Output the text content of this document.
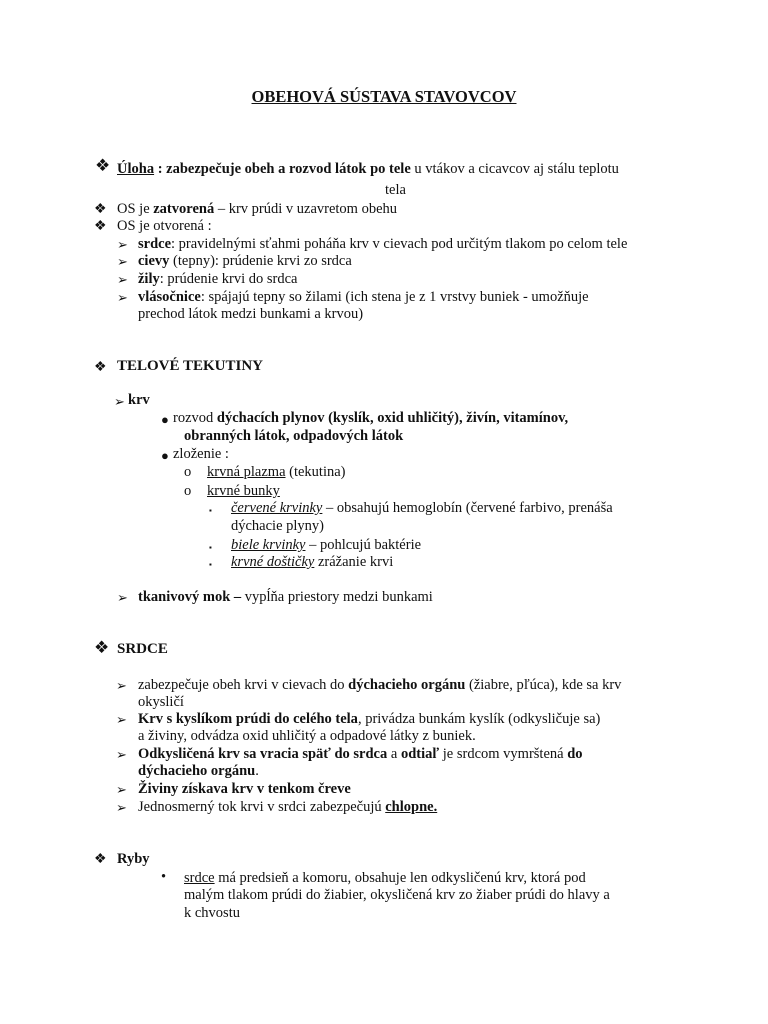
OBEHOVÁ SÚSTAVA STAVOVCOV
❖ Úloha : zabezpečuje obeh a rozvod látok po tele u vtákov a cicavcov aj stálu teplotu
tela
❖ OS je zatvorená – krv prúdi v uzavretom obehu
❖ OS je otvorená :
➢ srdce: pravidelnými sťahmi poháňa krv v cievach pod určitým tlakom po celom tele
➢ cievy (tepny): prúdenie krvi zo srdca
➢ žily: prúdenie krvi do srdca
➢ vlásočnice: spájajú tepny so žilami (ich stena je z 1 vrstvy buniek - umožňuje
prechod látok medzi bunkami a krvou)
❖ TELOVÉ TEKUTINY
➢ krv
● rozvod dýchacích plynov (kyslík, oxid uhličitý), živín, vitamínov,
obranných látok, odpadových látok
● zloženie :
o krvná plazma (tekutina)
o krvné bunky
▪ červené krvinky – obsahujú hemoglobín (červené farbivo, prenáša
dýchacie plyny)
▪ biele krvinky – pohlcujú baktérie
▪ krvné doštičky zrážanie krvi
➢ tkanivový mok – vypĺňa priestory medzi bunkami
❖ SRDCE
➢ zabezpečuje obeh krvi v cievach do dýchacieho orgánu (žiabre, pľúca), kde sa krv
okysličí
➢ Krv s kyslíkom prúdi do celého tela, privádza bunkám kyslík (odkysličuje sa)
a živiny, odvádza oxid uhličitý a odpadové látky z buniek.
➢ Odkysličená krv sa vracia späť do srdca a odtiaľ je srdcom vymrštená do
dýchacieho orgánu.
➢ Živiny získava krv v tenkom čreve
➢ Jednosmerný tok krvi v srdci zabezpečujú chlopne.
❖ Ryby
• srdce má predsieň a komoru, obsahuje len odkysličenú krv, ktorá pod
malým tlakom prúdi do žiabier, okysličená krv zo žiaber prúdi do hlavy a
k chvostu
